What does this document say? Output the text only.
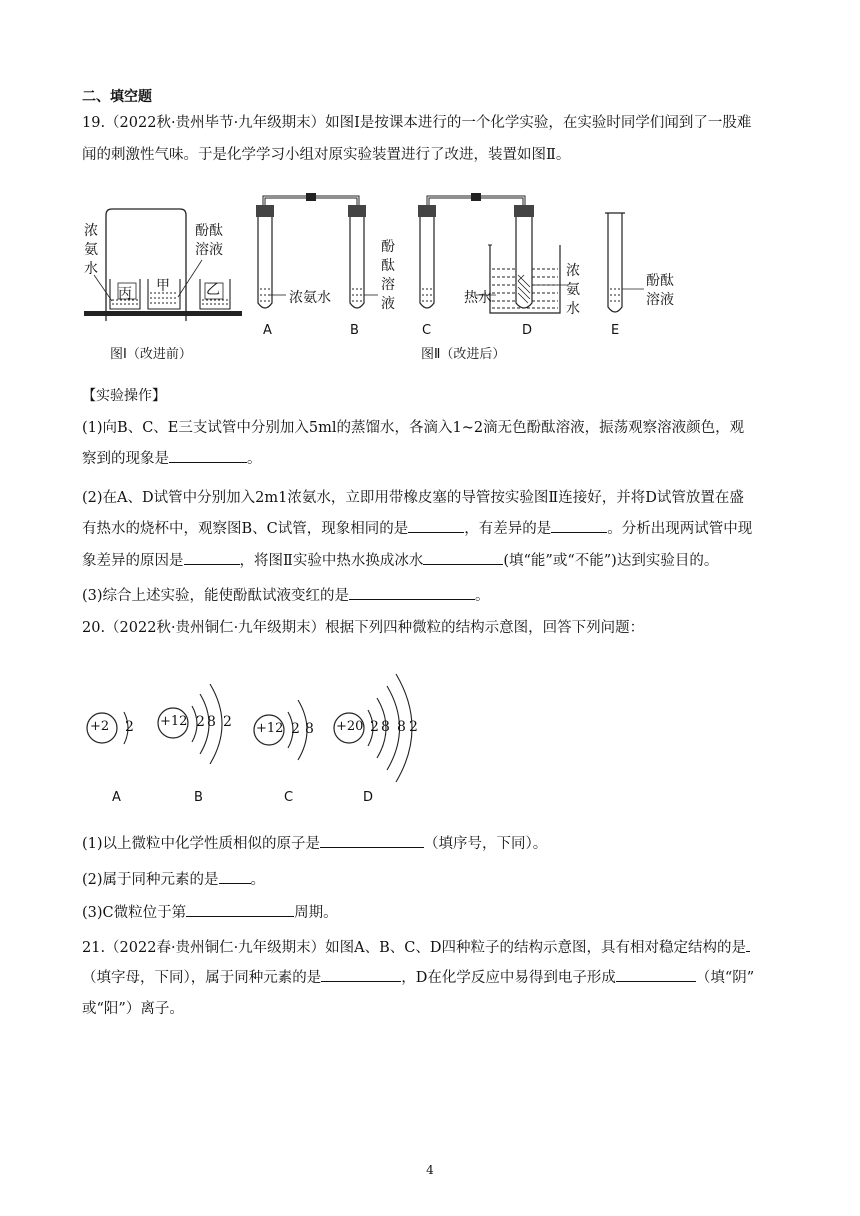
二、填空题
19.（2022秋·贵州毕节·九年级期末）如图Ⅰ是按课本进行的一个化学实验，在实验时同学们闻到了一股难
闻的刺激性气味。于是化学学习小组对原实验装置进行了改进，装置如图Ⅱ。
浓氨水
酚酞溶液
丙 甲	乙
图Ⅰ（改进前）
浓氨水
酚酞溶液	热水
浓氨水
酚酞溶液
A	B	C	D	E
图Ⅱ（改进后）
【实验操作】
(1)向B、C、E三支试管中分别加入5ml的蒸馏水，各滴入1~2滴无色酚酞溶液，振荡观察溶液颜色，观
察到的现象是	。
(2)在A、D试管中分别加入2m1浓氨水，立即用带橡皮塞的导管按实验图Ⅱ连接好，并将D试管放置在盛
有热水的烧杯中，观察图B、C试管，现象相同的是	，有差异的是	。分析出现两试管中现
象差异的原因是	，将图Ⅱ实验中热水换成冰水	(填“能”或“不能”)达到实验目的。
(3)综合上述实验，能使酚酞试液变红的是	。
20.（2022秋·贵州铜仁·九年级期末）根据下列四种微粒的结构示意图，回答下列问题：
+2 2 +12 2 8 2 +12 2 8 +20 2 8 8 2
A	B	C	D
(1)以上微粒中化学性质相似的原子是	（填序号，下同）。
(2)属于同种元素的是 。
(3)C微粒位于第	周期。
21.（2022春·贵州铜仁·九年级期末）如图A、B、C、D四种粒子的结构示意图，具有相对稳定结构的是
（填字母，下同），属于同种元素的是	，D在化学反应中易得到电子形成	（填“阴”
或“阳”）离子。
4
